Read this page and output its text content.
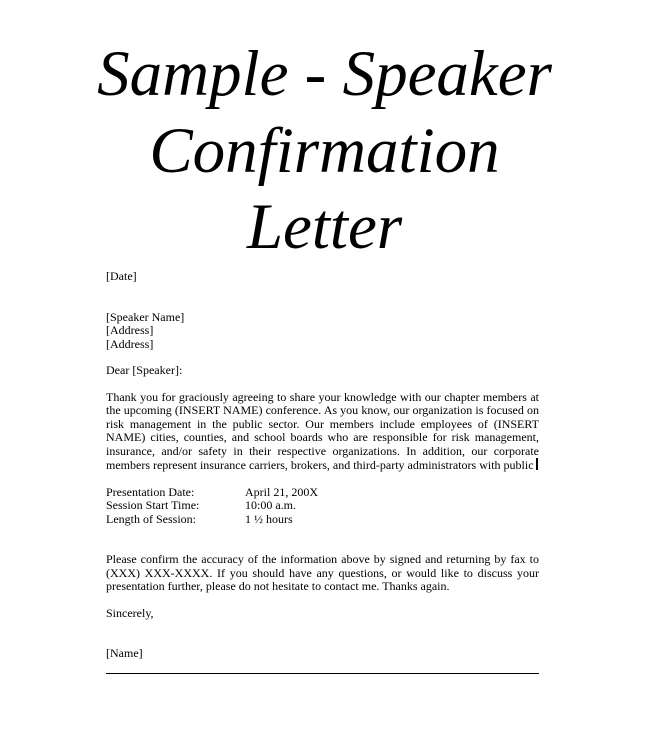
Sample - Speaker
Confirmation
Letter

[Date]

[Speaker Name]
[Address]
[Address]

Dear [Speaker]:

Thank you for graciously agreeing to share your knowledge with our chapter members at the upcoming (INSERT NAME) conference. As you know, our organization is focused on risk management in the public sector. Our members include employees of (INSERT NAME) cities, counties, and school boards who are responsible for risk management, insurance, and/or safety in their respective organizations. In addition, our corporate members represent insurance carriers, brokers, and third-party administrators with public

Presentation Date:	April 21, 200X
Session Start Time:	10:00 a.m.
Length of Session:	1 ½ hours

Please confirm the accuracy of the information above by signed and returning by fax to (XXX) XXX-XXXX. If you should have any questions, or would like to discuss your presentation further, please do not hesitate to contact me. Thanks again.

Sincerely,

[Name]
